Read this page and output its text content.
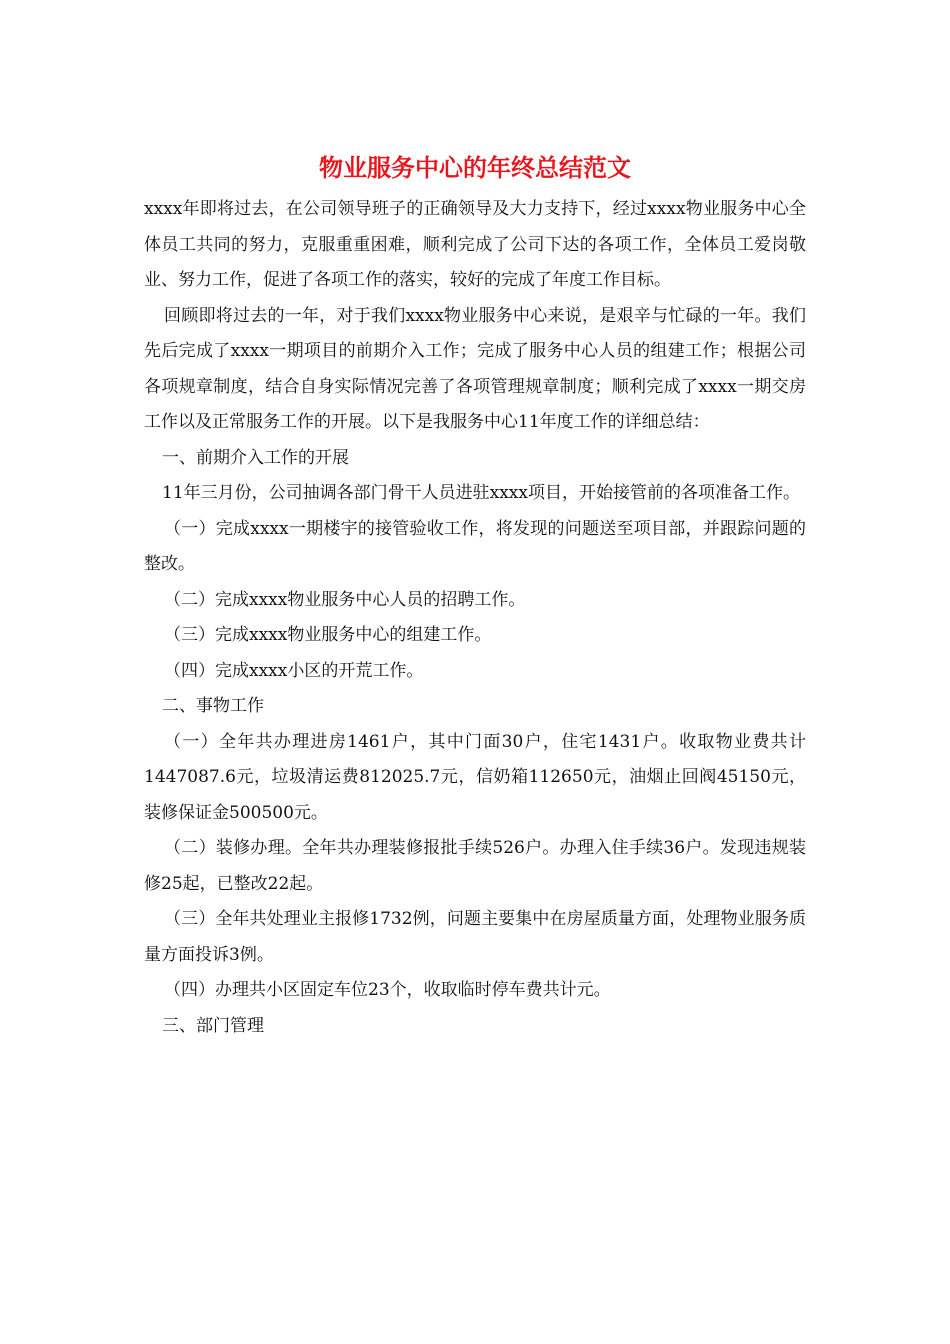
物业服务中心的年终总结范文

xxxx年即将过去，在公司领导班子的正确领导及大力支持下，经过xxxx物业服务中心全体员工共同的努力，克服重重困难，顺利完成了公司下达的各项工作，全体员工爱岗敬业、努力工作，促进了各项工作的落实，较好的完成了年度工作目标。

回顾即将过去的一年，对于我们xxxx物业服务中心来说，是艰辛与忙碌的一年。我们先后完成了xxxx一期项目的前期介入工作；完成了服务中心人员的组建工作；根据公司各项规章制度，结合自身实际情况完善了各项管理规章制度；顺利完成了xxxx一期交房工作以及正常服务工作的开展。以下是我服务中心11年度工作的详细总结：

一、前期介入工作的开展

11年三月份，公司抽调各部门骨干人员进驻xxxx项目，开始接管前的各项准备工作。

（一）完成xxxx一期楼宇的接管验收工作，将发现的问题送至项目部，并跟踪问题的整改。

（二）完成xxxx物业服务中心人员的招聘工作。

（三）完成xxxx物业服务中心的组建工作。

（四）完成xxxx小区的开荒工作。

二、事物工作

（一）全年共办理进房1461户，其中门面30户，住宅1431户。收取物业费共计1447087.6元，垃圾清运费812025.7元，信奶箱112650元，油烟止回阀45150元，装修保证金500500元。

（二）装修办理。全年共办理装修报批手续526户。办理入住手续36户。发现违规装修25起，已整改22起。

（三）全年共处理业主报修1732例，问题主要集中在房屋质量方面，处理物业服务质量方面投诉3例。

（四）办理共小区固定车位23个，收取临时停车费共计元。

三、部门管理
